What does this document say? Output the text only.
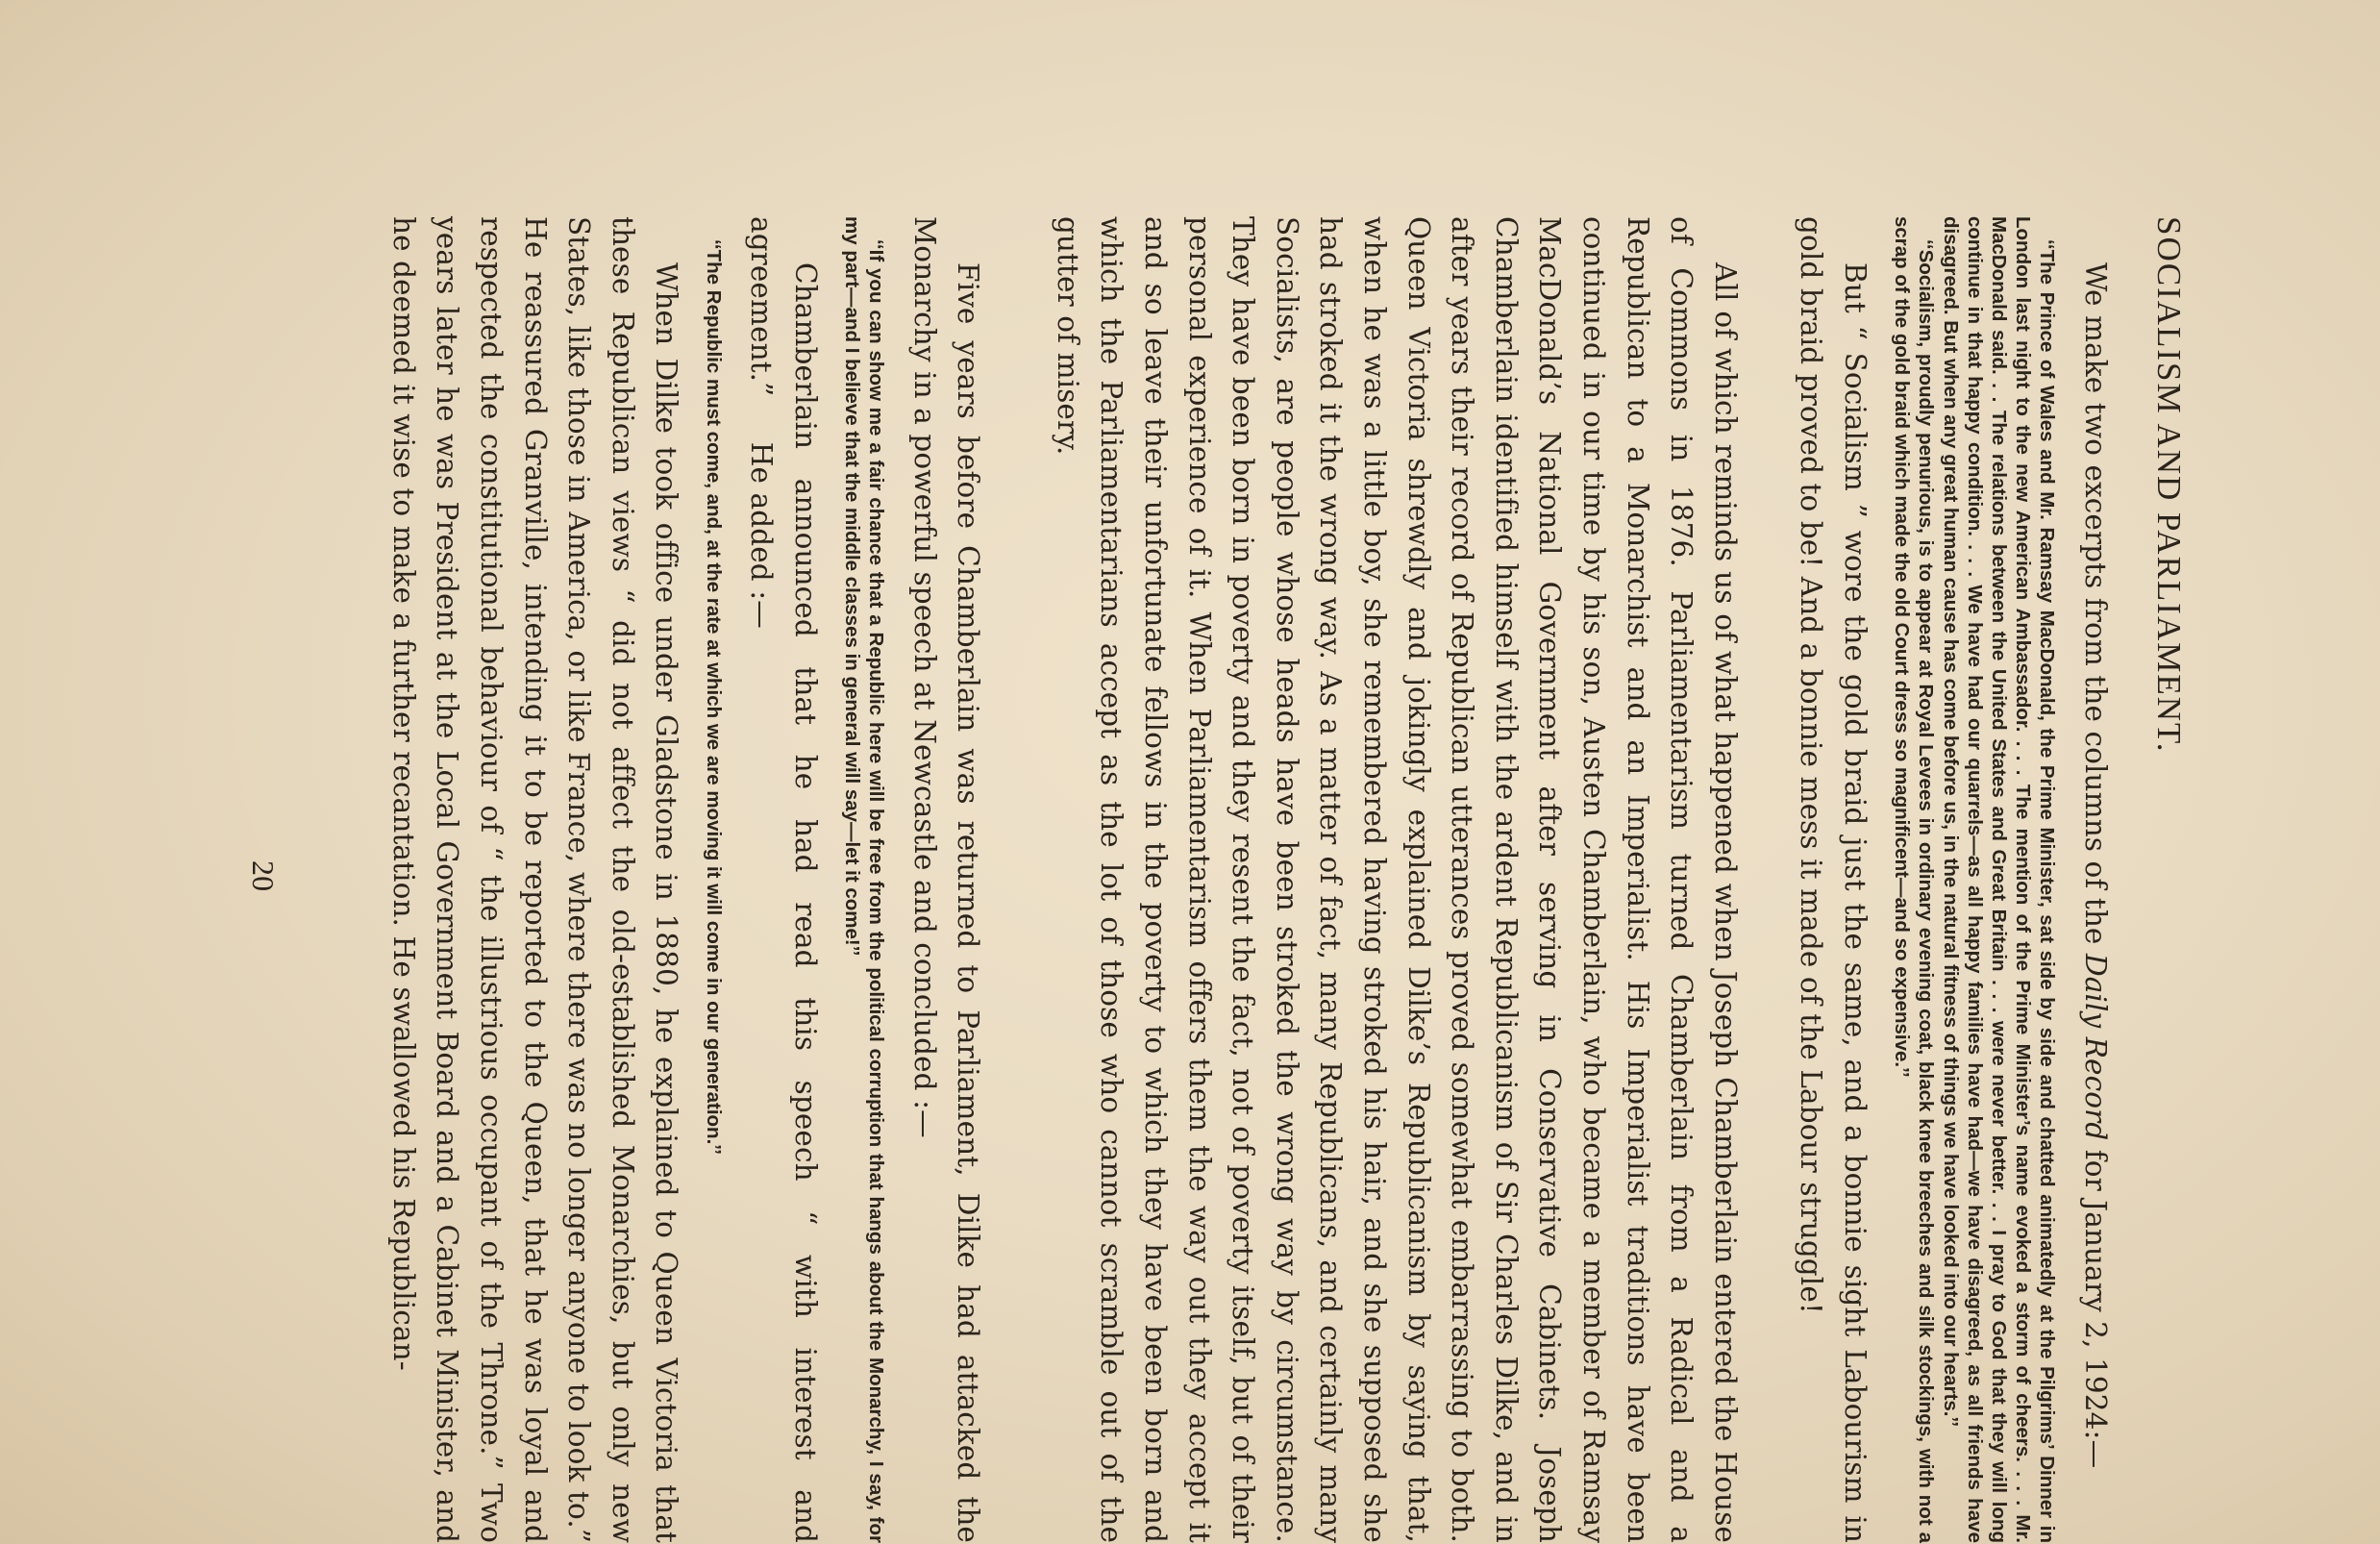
SOCIALISM AND PARLIAMENT.

We make two excerpts from the columns of the Daily Record for January 2, 1924:—

‘‘The Prince of Wales and Mr. Ramsay MacDonald, the Prime Minister, sat side by side and chatted animatedly at the Pilgrims’ Dinner in London last night to the new American Ambassador. . . . The mention of the Prime Minister’s name evoked a storm of cheers. . . . Mr. MacDonald said. . . The relations between the United States and Great Britain . . . were never better. . . I pray to God that they will long continue in that happy condition. . . . We have had our quarrels—as all happy families have had—we have disagreed, as all friends have disagreed. But when any great human cause has come before us, in the natural fitness of things we have looked into our hearts.’’
‘‘Socialism, proudly penurious, is to appear at Royal Levees in ordinary evening coat, black knee breeches and silk stockings, with not a scrap of the gold braid which made the old Court dress so magnificent—and so expensive.’’

But “ Socialism ” wore the gold braid just the same, and a bonnie sight Labourism in gold braid proved to be! And a bonnie mess it made of the Labour struggle!

All of which reminds us of what happened when Joseph Chamberlain entered the House of Commons in 1876. Parliamentarism turned Chamberlain from a Radical and a Republican to a Monarchist and an Imperialist. His Imperialist traditions have been continued in our time by his son, Austen Chamberlain, who became a member of Ramsay MacDonald’s National Government after serving in Conservative Cabinets. Joseph Chamberlain identified himself with the ardent Republicanism of Sir Charles Dilke, and in after years their record of Republican utterances proved somewhat embarrassing to both. Queen Victoria shrewdly and jokingly explained Dilke’s Republicanism by saying that, when he was a little boy, she remembered having stroked his hair, and she supposed she had stroked it the wrong way. As a matter of fact, many Republicans, and certainly many Socialists, are people whose heads have been stroked the wrong way by circumstance. They have been born in poverty and they resent the fact, not of poverty itself, but of their personal experience of it. When Parliamentarism offers them the way out they accept it and so leave their unfortunate fellows in the poverty to which they have been born and which the Parliamentarians accept as the lot of those who cannot scramble out of the gutter of misery.

Five years before Chamberlain was returned to Parliament, Dilke had attacked the Monarchy in a powerful speech at Newcastle and concluded :—

‘‘If you can show me a fair chance that a Republic here will be free from the political corruption that hangs about the Monarchy, I say, for my part—and I believe that the middle classes in general will say—let it come!’’

Chamberlain announced that he had read this speech “ with interest and agreement.”     He added :—

‘‘The Republic must come, and, at the rate at which we are moving it will come in our generation.’’

When Dilke took office under Gladstone in 1880, he explained to Queen Victoria that these Republican views “ did not affect the old-established Monarchies, but only new States, like those in America, or like France, where there was no longer anyone to look to.” He reassured Granville, intending it to be reported to the Queen, that he was loyal and respected the constitutional behaviour of “ the illustrious occupant of the Throne.” Two years later he was President at the Local Government Board and a Cabinet Minister, and he deemed it wise to make a further recantation. He swallowed his Republican-

20
